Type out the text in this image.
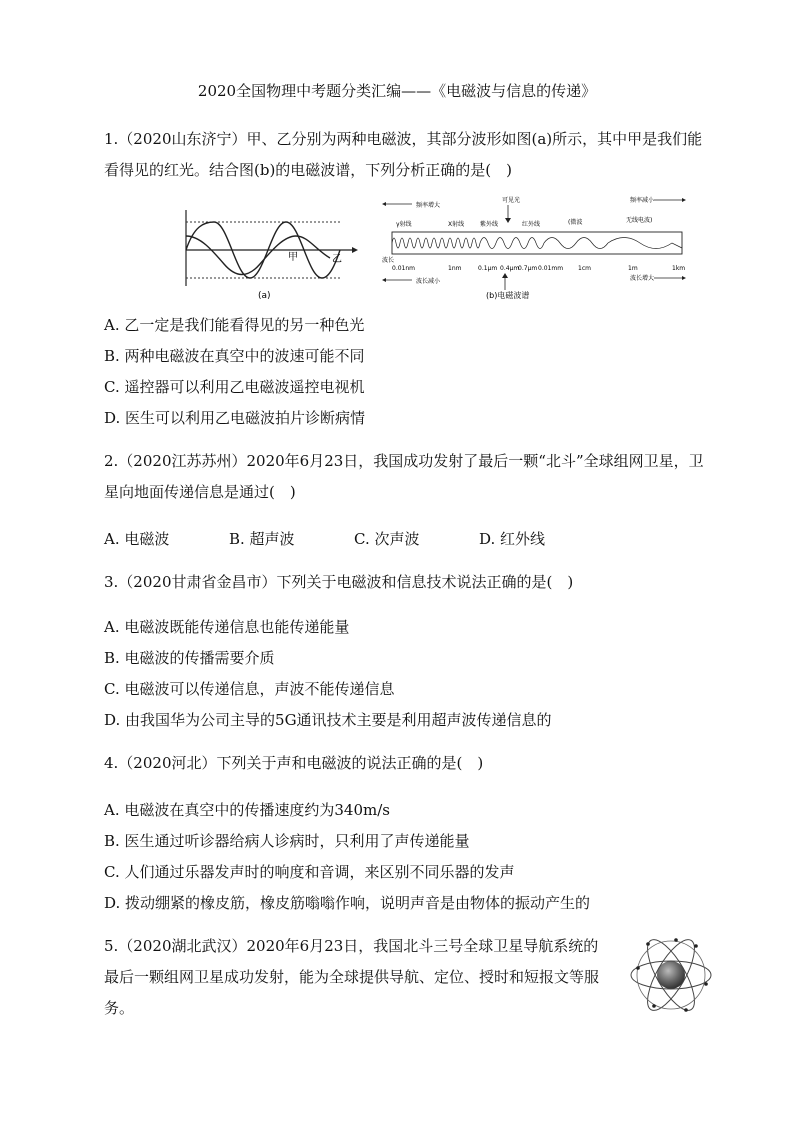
2020全国物理中考题分类汇编——《电磁波与信息的传递》

1.（2020山东济宁）甲、乙分别为两种电磁波，其部分波形如图(a)所示，其中甲是我们能看得见的红光。结合图(b)的电磁波谱，下列分析正确的是(　)

甲	乙
(a)
频率增大
可见光	频率减小
γ射线	X射线	紫外线	红外线	(微波	无线电波)
波长
0.01nm	1nm	0.1μm 0.4μm
0.7μm 0.01mm 1cm	1m	1km
波长减小
(b)电磁波谱
波长增大
A. 乙一定是我们能看得见的另一种色光
B. 两种电磁波在真空中的波速可能不同
C. 遥控器可以利用乙电磁波遥控电视机
D. 医生可以利用乙电磁波拍片诊断病情

2.（2020江苏苏州）2020年6月23日，我国成功发射了最后一颗“北斗”全球组网卫星，卫星向地面传递信息是通过(　)

A. 电磁波	B. 超声波	C. 次声波	D. 红外线

3.（2020甘肃省金昌市）下列关于电磁波和信息技术说法正确的是(　)

A. 电磁波既能传递信息也能传递能量
B. 电磁波的传播需要介质
C. 电磁波可以传递信息，声波不能传递信息
D. 由我国华为公司主导的5G通讯技术主要是利用超声波传递信息的

4.（2020河北）下列关于声和电磁波的说法正确的是(　)

A. 电磁波在真空中的传播速度约为340m/s
B. 医生通过听诊器给病人诊病时，只利用了声传递能量
C. 人们通过乐器发声时的响度和音调，来区别不同乐器的发声
D. 拨动绷紧的橡皮筋，橡皮筋嗡嗡作响，说明声音是由物体的振动产生的

5.（2020湖北武汉）2020年6月23日，我国北斗三号全球卫星导航系统的最后一颗组网卫星成功发射，能为全球提供导航、定位、授时和短报文等服务。
